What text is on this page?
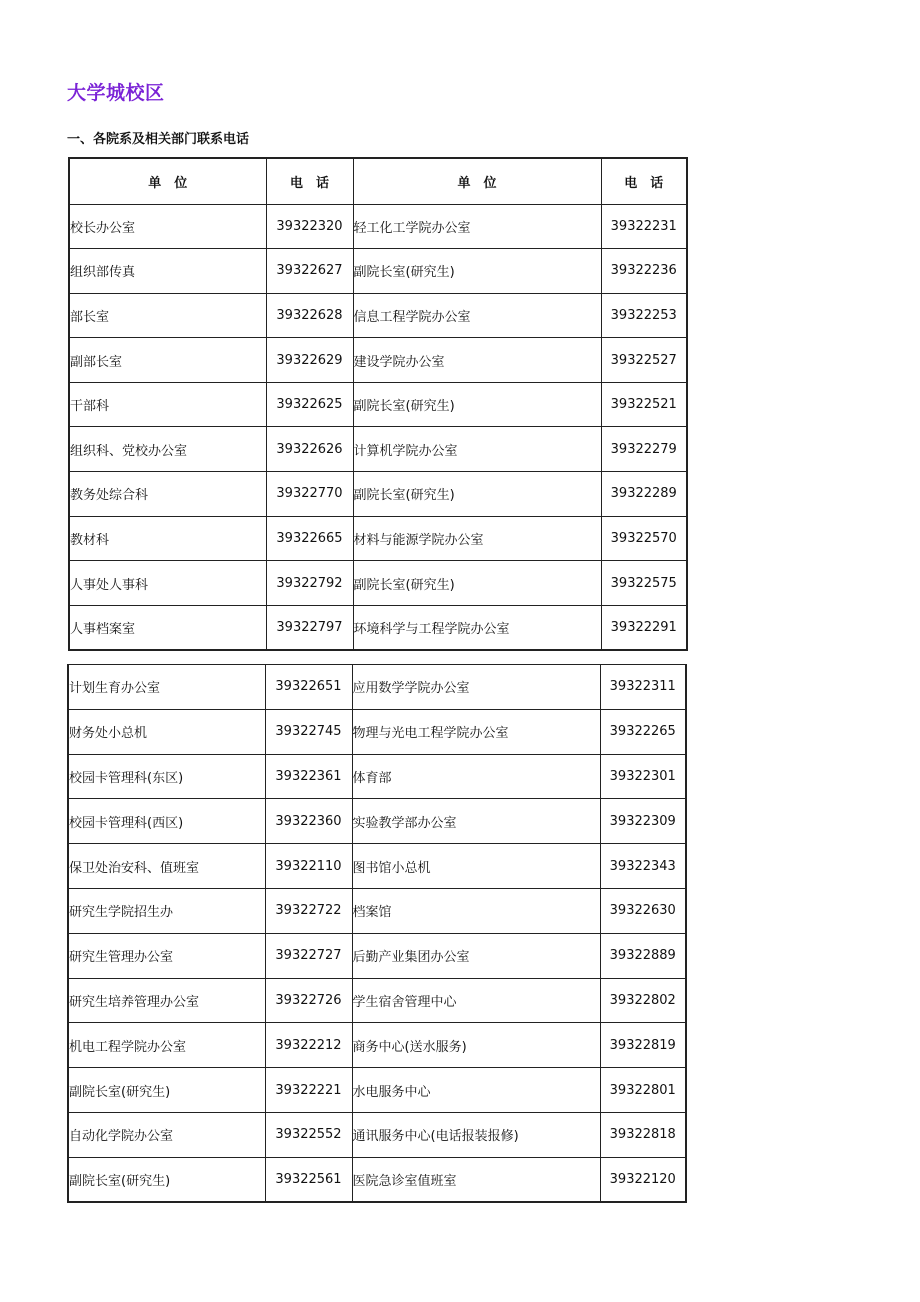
大学城校区
一、各院系及相关部门联系电话
单　位	电　话	单　位	电　话
校长办公室	39322320	轻工化工学院办公室	39322231
组织部传真	39322627	副院长室(研究生)	39322236
部长室	39322628	信息工程学院办公室	39322253
副部长室	39322629	建设学院办公室	39322527
干部科	39322625	副院长室(研究生)	39322521
组织科、党校办公室	39322626	计算机学院办公室	39322279
教务处综合科	39322770	副院长室(研究生)	39322289
教材科	39322665	材料与能源学院办公室	39322570
人事处人事科	39322792	副院长室(研究生)	39322575
人事档案室	39322797	环境科学与工程学院办公室	39322291
计划生育办公室	39322651	应用数学学院办公室	39322311
财务处小总机	39322745	物理与光电工程学院办公室	39322265
校园卡管理科(东区)	39322361	体育部	39322301
校园卡管理科(西区)	39322360	实验教学部办公室	39322309
保卫处治安科、值班室	39322110	图书馆小总机	39322343
研究生学院招生办	39322722	档案馆	39322630
研究生管理办公室	39322727	后勤产业集团办公室	39322889
研究生培养管理办公室	39322726	学生宿舍管理中心	39322802
机电工程学院办公室	39322212	商务中心(送水服务)	39322819
副院长室(研究生)	39322221	水电服务中心	39322801
自动化学院办公室	39322552	通讯服务中心(电话报装报修)	39322818
副院长室(研究生)	39322561	医院急诊室值班室	39322120
